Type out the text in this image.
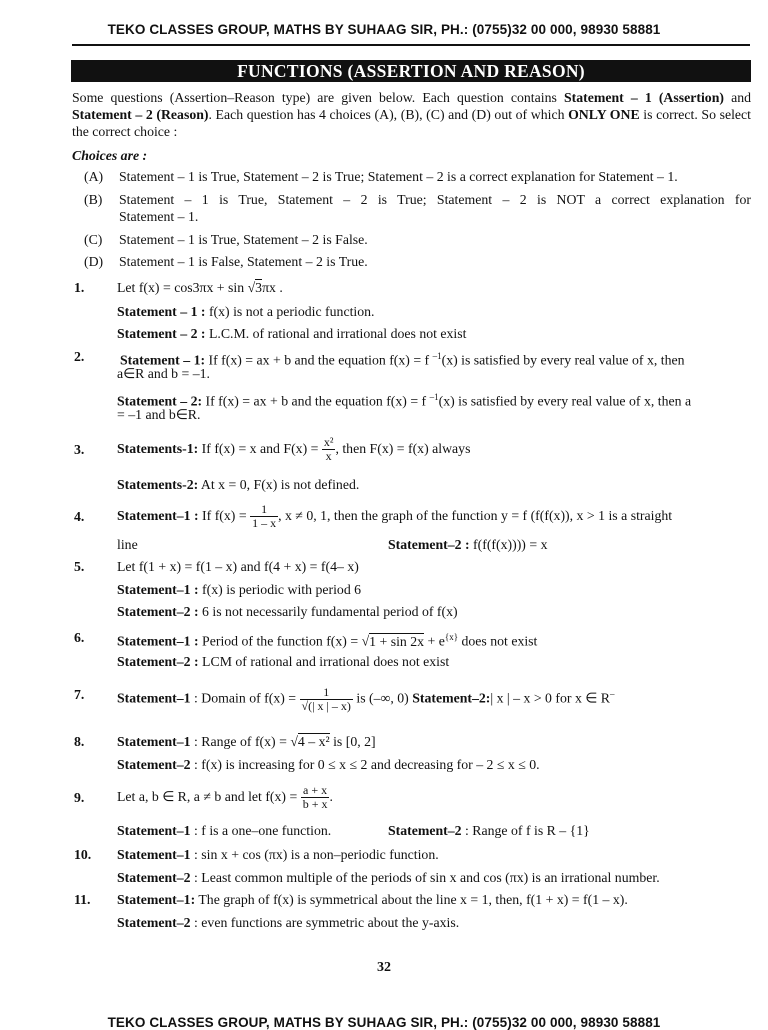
TEKO CLASSES GROUP, MATHS BY SUHAAG SIR, PH.: (0755)32 00 000, 98930 58881
FUNCTIONS (ASSERTION AND REASON)
Some questions (Assertion–Reason type) are given below. Each question contains Statement – 1 (Assertion) and Statement – 2 (Reason). Each question has 4 choices (A), (B), (C) and (D) out of which ONLY ONE is correct. So select the correct choice :
Choices are :
(A) Statement – 1 is True, Statement – 2 is True; Statement – 2 is a correct explanation for Statement – 1.
(B) Statement – 1 is True, Statement – 2 is True; Statement – 2 is NOT a correct explanation for
Statement – 1.
(C) Statement – 1 is True, Statement – 2 is False.
(D) Statement – 1 is False, Statement – 2 is True.
1. Let f(x) = cos3πx + sin √3πx .
Statement – 1 : f(x) is not a periodic function.
Statement – 2 : L.C.M. of rational and irrational does not exist
2.	Statement – 1: If f(x) = ax + b and the equation f(x) = f $^{-1}$(x) is satisfied by every real value of x, then
a∈R and b = –1.
Statement – 2: If f(x) = ax + b and the equation f(x) = f $^{-1}$(x) is satisfied by every real value of x, then a
= –1 and b∈R.
3. Statements-1: If f(x) = x and $F(x) = \frac{\text{x²}}{x}$ , then F(x) = f(x) always
Statements-2: At x = 0, F(x) is not defined.
4. Statement–1 : If $f(x) = \frac{1}{1 - x}$ , x ≠ 0, 1, then the graph of the function y = f (f(f(x)), x > 1 is a straight
line	Statement–2 : f(f(f(x)))) = x
5. Let f(1 + x) = f(1 – x) and f(4 + x) = f(4– x)
Statement–1 : f(x) is periodic with period 6
Statement–2 : 6 is not necessarily fundamental period of f(x)
6. Statement–1 : Period of the function $f(x) = √1 + \sin 2x + e^{\{x\}}$ does not exist
Statement–2 : LCM of rational and irrational does not exist
7. Statement–1 : Domain of $f(x) = \frac{1}{√(| x | - x)}$ is (–∞, 0) Statement–2:| x | – x > 0 for x ∈ R–
8. Statement–1 : Range of f(x) = √4 – x² is [0, 2]
Statement–2 : f(x) is increasing for 0 ≤ x ≤ 2 and decreasing for – 2 ≤ x ≤ 0.
9. Let a, b ∈ R, a ≠ b and let $f(x) = \frac{a + x}{b + x}$ .
Statement–1 : f is a one–one function.	Statement–2 : Range of f is R – {1}
10. Statement–1 : sin x + cos (πx) is a non–periodic function.
Statement–2 : Least common multiple of the periods of sin x and cos (πx) is an irrational number.
11. Statement–1: The graph of f(x) is symmetrical about the line x = 1, then, f(1 + x) = f(1 – x).
Statement–2 : even functions are symmetric about the y-axis.
32
TEKO CLASSES GROUP, MATHS BY SUHAAG SIR, PH.: (0755)32 00 000, 98930 58881
